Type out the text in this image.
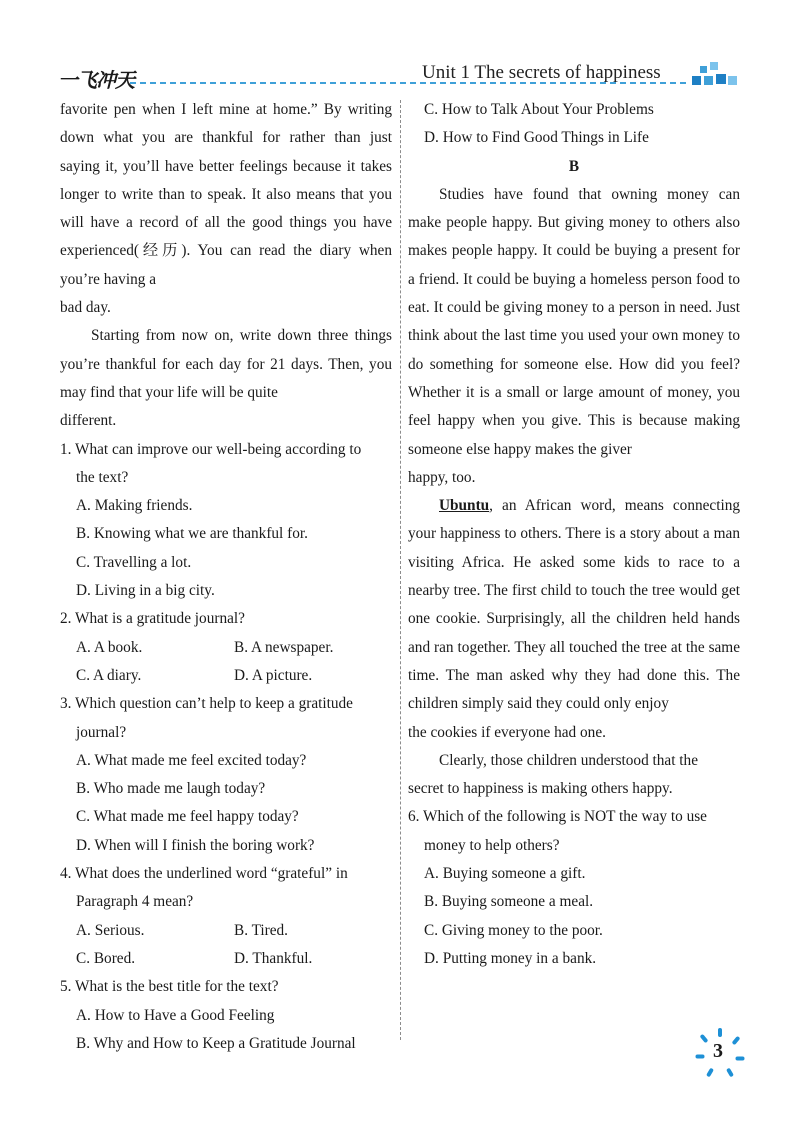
一飞冲天	Unit 1 The secrets of happiness

favorite pen when I left mine at home.” By writing down what you are thankful for rather than just saying it, you’ll have better feelings because it takes longer to write than to speak. It also means that you will have a record of all the good things you have experienced(经历). You can read the diary when you’re having a

bad day.

Starting from now on, write down three things you’re thankful for each day for 21 days. Then, you may find that your life will be quite

different.

1. What can improve our well-being according to

the text?

A. Making friends.

B. Knowing what we are thankful for.

C. Travelling a lot.

D. Living in a big city.

2. What is a gratitude journal?

A. A book.	B. A newspaper.

C. A diary.	D. A picture.

3. Which question can’t help to keep a gratitude

journal?

A. What made me feel excited today?

B. Who made me laugh today?

C. What made me feel happy today?

D. When will I finish the boring work?

4. What does the underlined word “grateful” in

Paragraph 4 mean?

A. Serious.	B. Tired.

C. Bored.	D. Thankful.

5. What is the best title for the text?

A. How to Have a Good Feeling

B. Why and How to Keep a Gratitude Journal

C. How to Talk About Your Problems

D. How to Find Good Things in Life

B

Studies have found that owning money can make people happy. But giving money to others also makes people happy. It could be buying a present for a friend. It could be buying a homeless person food to eat. It could be giving money to a person in need. Just think about the last time you used your own money to do something for someone else. How did you feel? Whether it is a small or large amount of money, you feel happy when you give. This is because making someone else happy makes the giver

happy, too.

Ubuntu, an African word, means connecting your happiness to others. There is a story about a man visiting Africa. He asked some kids to race to a nearby tree. The first child to touch the tree would get one cookie. Surprisingly, all the children held hands and ran together. They all touched the tree at the same time. The man asked why they had done this. The children simply said they could only enjoy

the cookies if everyone had one.

Clearly, those children understood that the

secret to happiness is making others happy.

6. Which of the following is NOT the way to use

money to help others?

A. Buying someone a gift.

B. Buying someone a meal.

C. Giving money to the poor.

D. Putting money in a bank.

3
